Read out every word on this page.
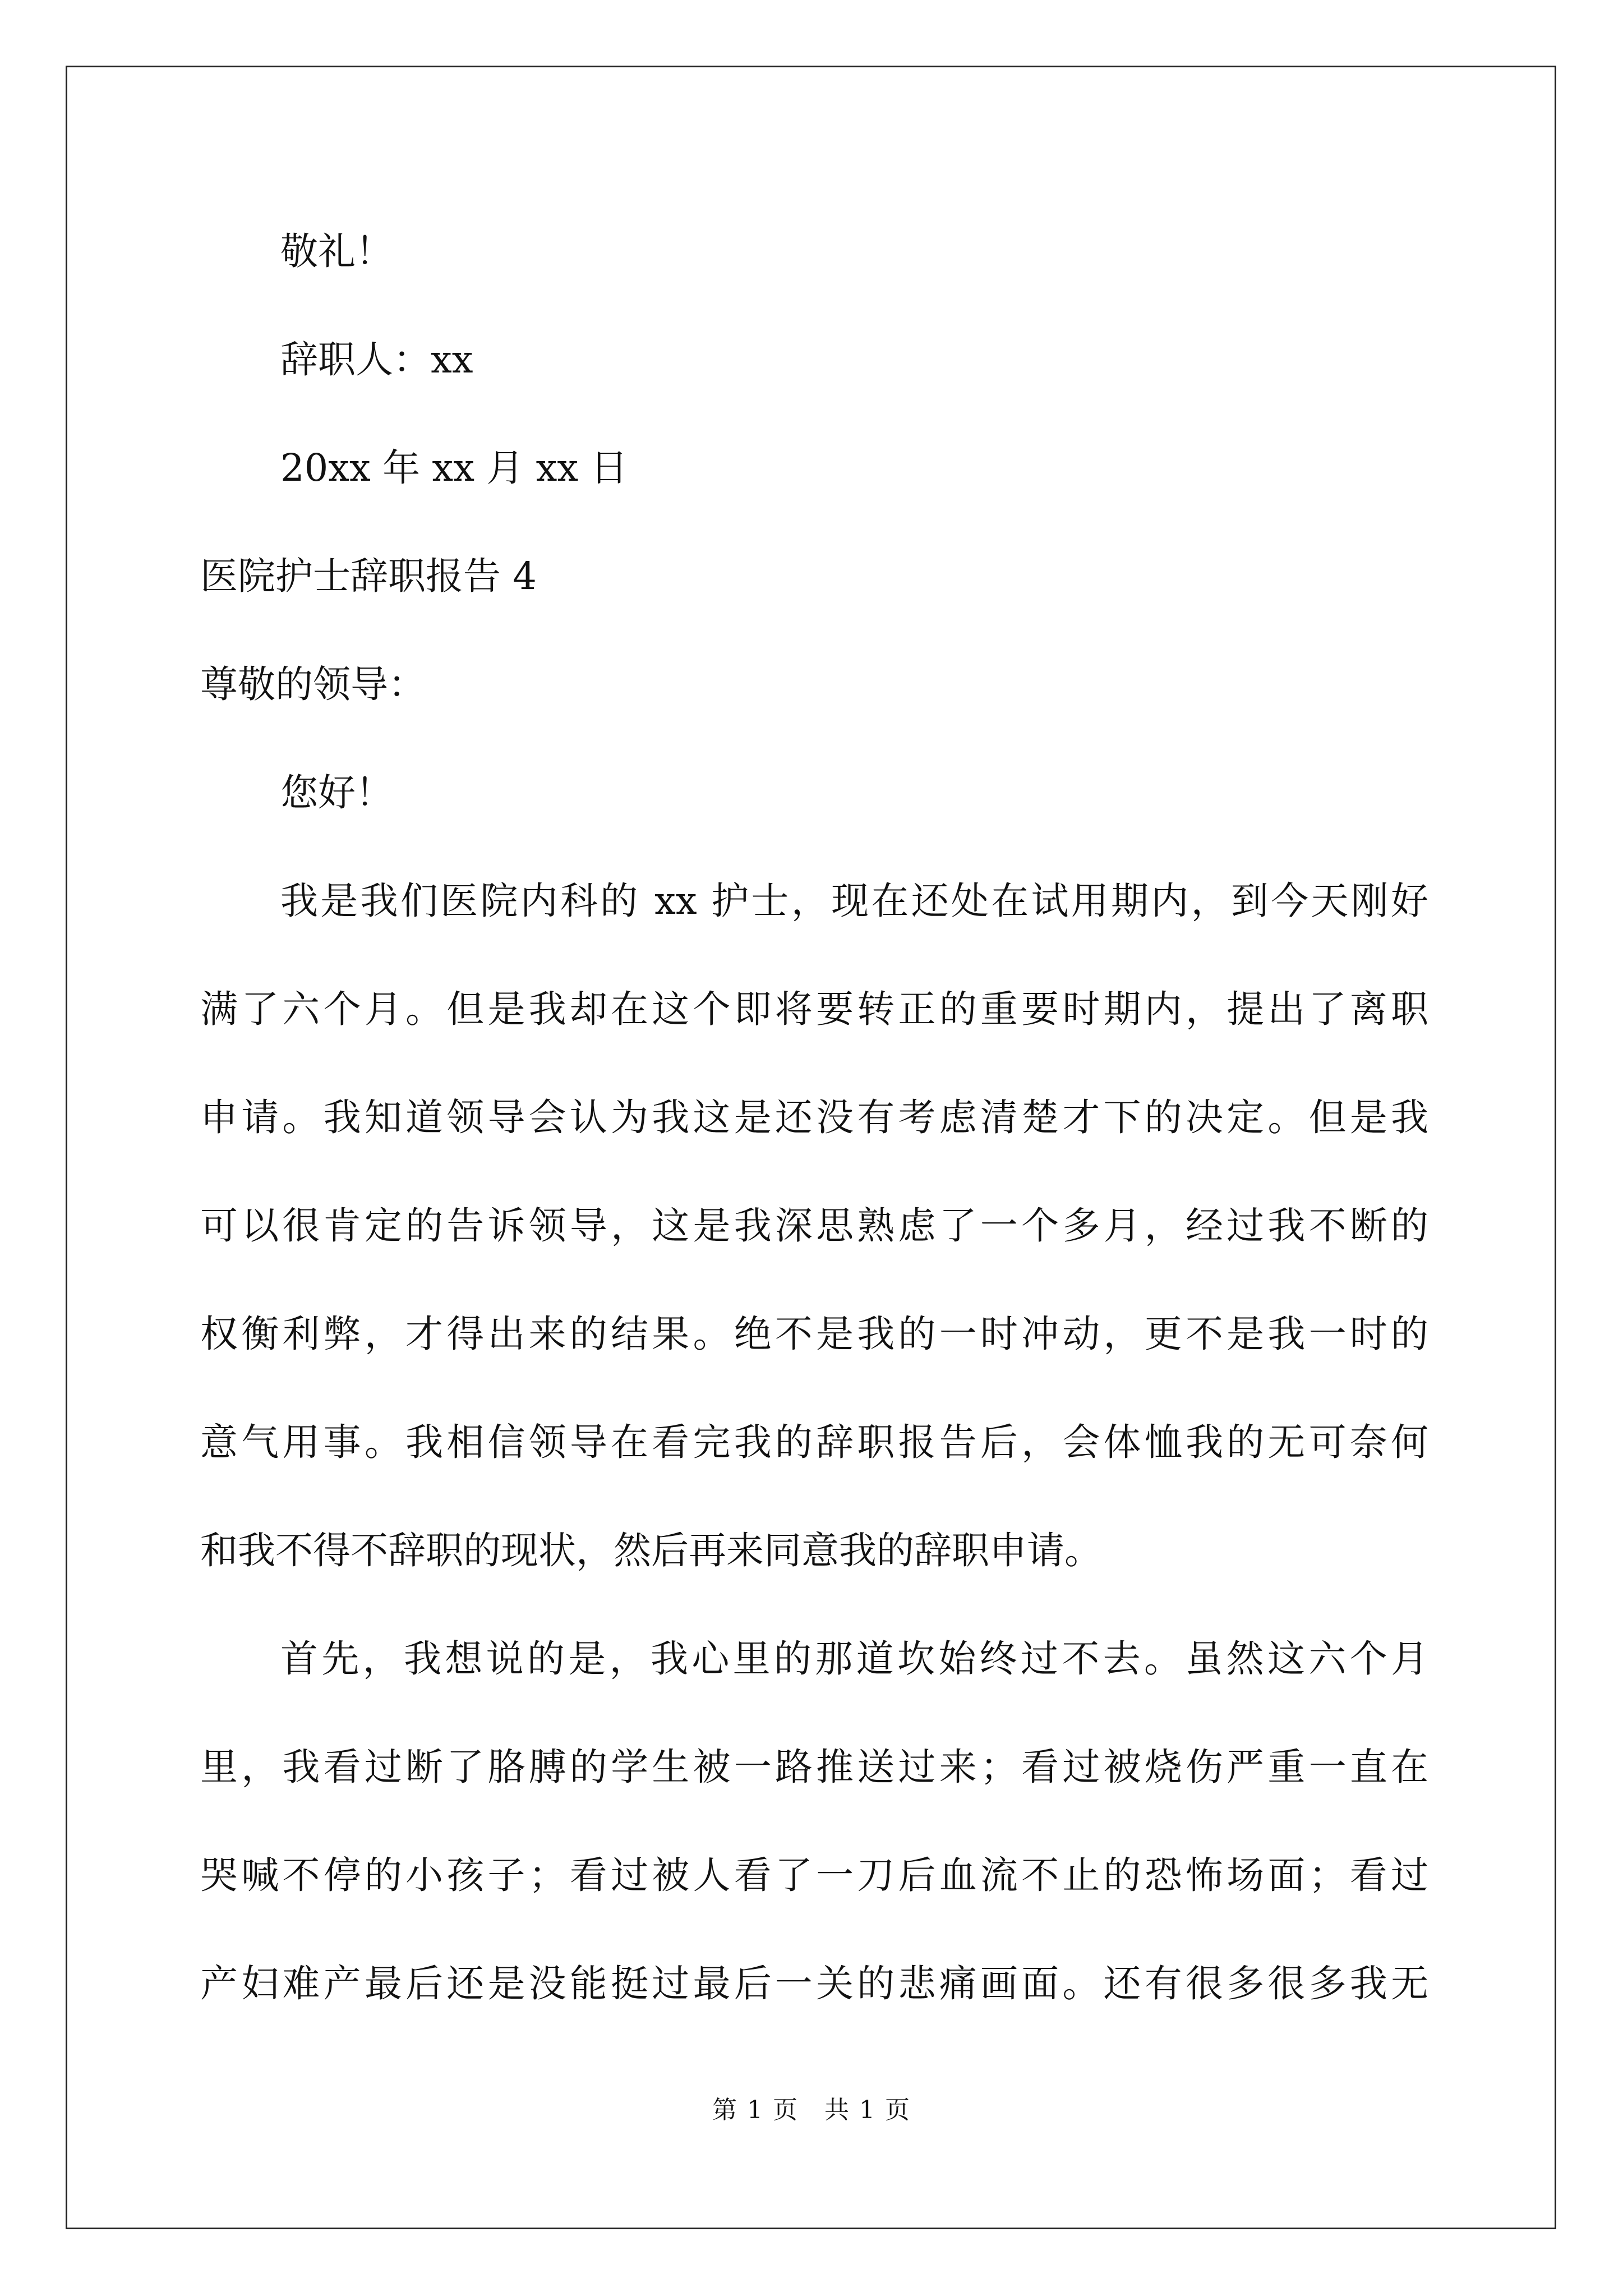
敬礼！

辞职人：xx

20xx 年 xx 月 xx 日

医院护士辞职报告 4

尊敬的领导：

您好！

我是我们医院内科的 xx 护士，现在还处在试用期内，到今天刚好

满了六个月。但是我却在这个即将要转正的重要时期内，提出了离职

申请。我知道领导会认为我这是还没有考虑清楚才下的决定。但是我

可以很肯定的告诉领导，这是我深思熟虑了一个多月，经过我不断的

权衡利弊，才得出来的结果。绝不是我的一时冲动，更不是我一时的

意气用事。我相信领导在看完我的辞职报告后，会体恤我的无可奈何

和我不得不辞职的现状，然后再来同意我的辞职申请。

首先，我想说的是，我心里的那道坎始终过不去。虽然这六个月

里，我看过断了胳膊的学生被一路推送过来；看过被烧伤严重一直在

哭喊不停的小孩子；看过被人看了一刀后血流不止的恐怖场面；看过

产妇难产最后还是没能挺过最后一关的悲痛画面。还有很多很多我无

第 1 页　共 1 页
